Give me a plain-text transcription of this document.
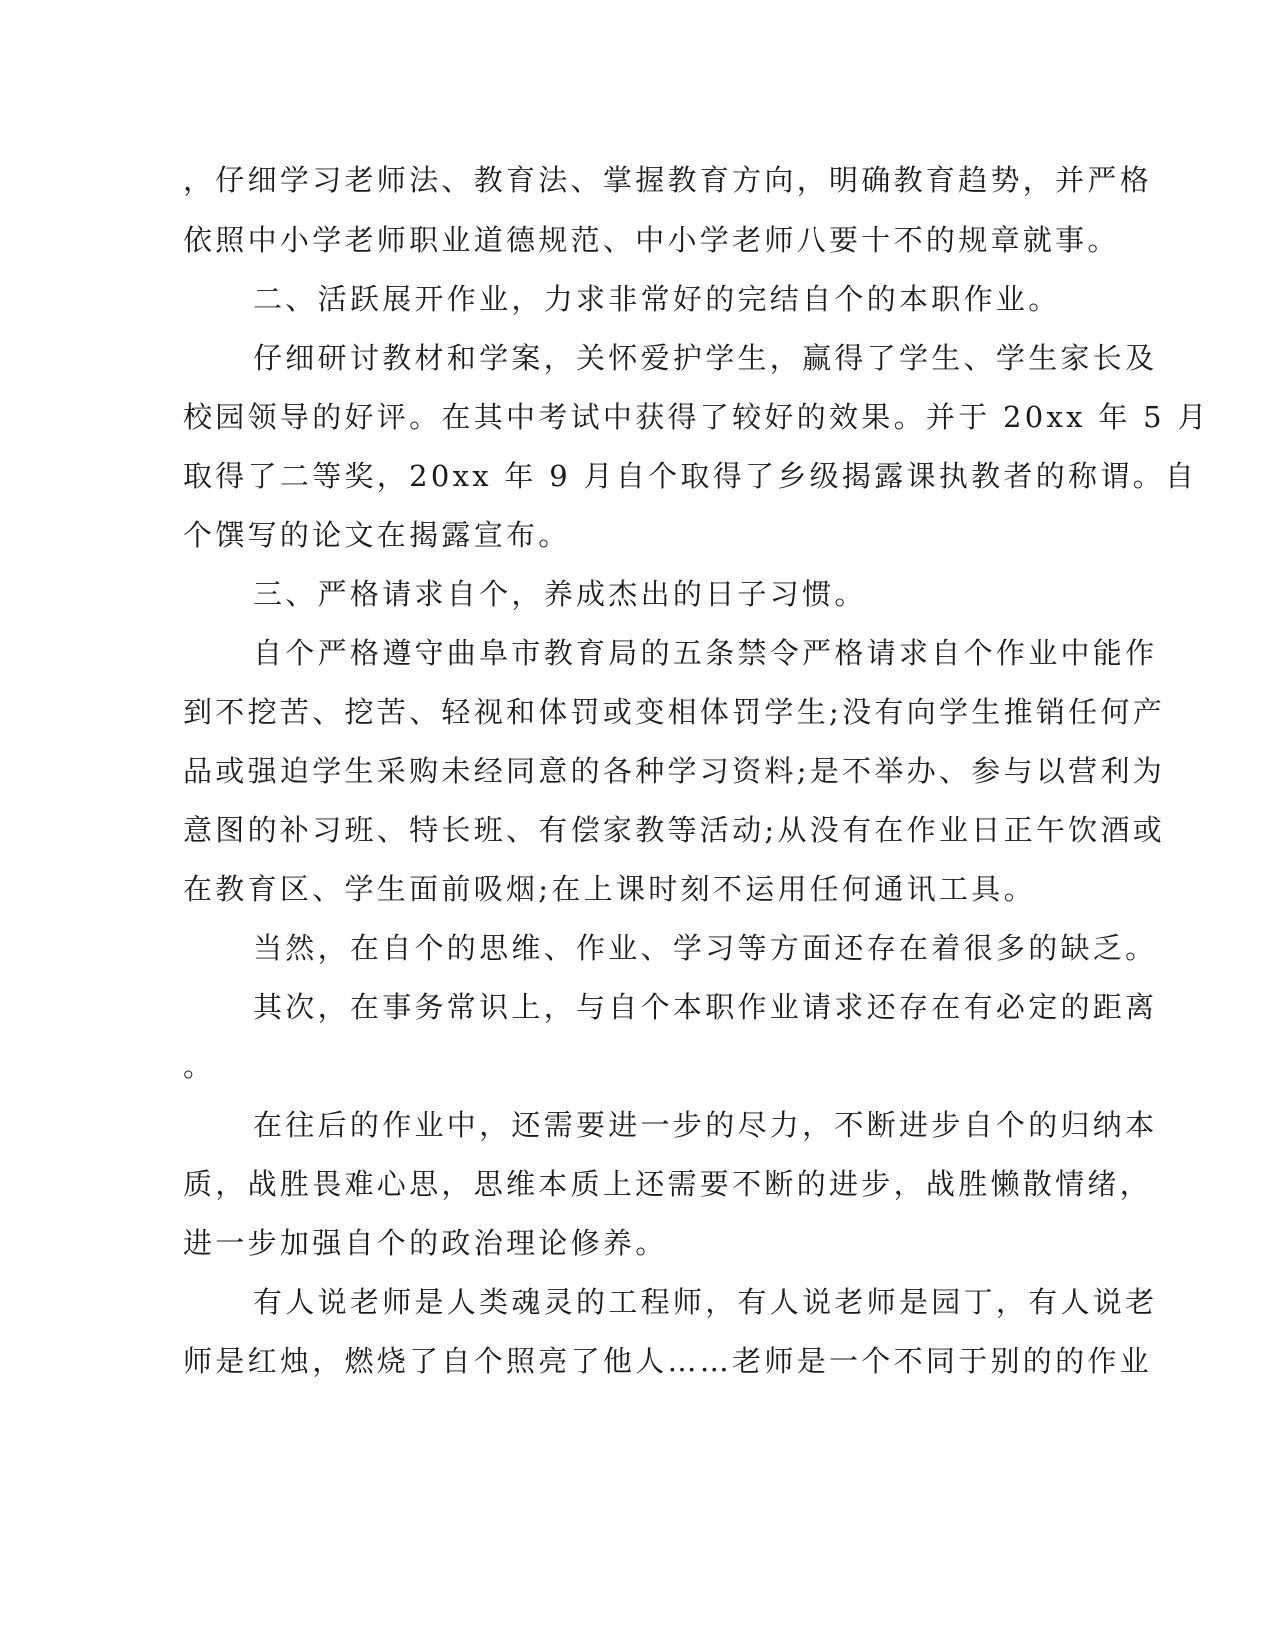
，仔细学习老师法、教育法、掌握教育方向，明确教育趋势，并严格
依照中小学老师职业道德规范、中小学老师八要十不的规章就事。
二、活跃展开作业，力求非常好的完结自个的本职作业。
仔细研讨教材和学案，关怀爱护学生，赢得了学生、学生家长及
校园领导的好评。在其中考试中获得了较好的效果。并于 20xx 年 5 月
取得了二等奖，20xx 年 9 月自个取得了乡级揭露课执教者的称谓。自
个馔写的论文在揭露宣布。
三、严格请求自个，养成杰出的日子习惯。
自个严格遵守曲阜市教育局的五条禁令严格请求自个作业中能作
到不挖苦、挖苦、轻视和体罚或变相体罚学生;没有向学生推销任何产
品或强迫学生采购未经同意的各种学习资料;是不举办、参与以营利为
意图的补习班、特长班、有偿家教等活动;从没有在作业日正午饮酒或
在教育区、学生面前吸烟;在上课时刻不运用任何通讯工具。
当然，在自个的思维、作业、学习等方面还存在着很多的缺乏。
其次，在事务常识上，与自个本职作业请求还存在有必定的距离
。
在往后的作业中，还需要进一步的尽力，不断进步自个的归纳本
质，战胜畏难心思，思维本质上还需要不断的进步，战胜懒散情绪，
进一步加强自个的政治理论修养。
有人说老师是人类魂灵的工程师，有人说老师是园丁，有人说老
师是红烛，燃烧了自个照亮了他人……老师是一个不同于别的的作业
